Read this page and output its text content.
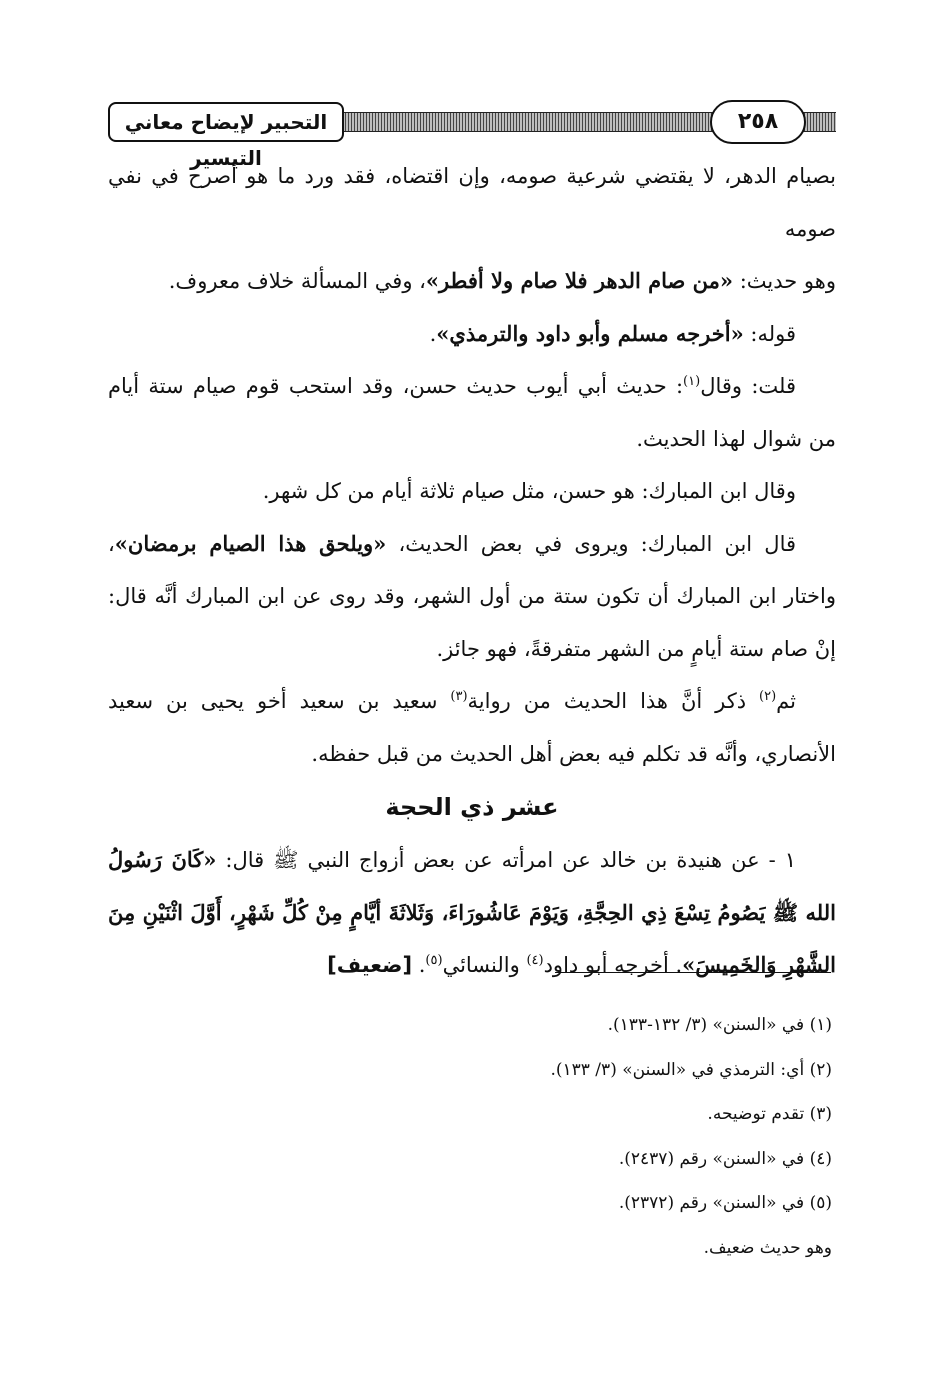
التحبير لإيضاح معاني التيسير
٢٥٨

بصيام الدهر، لا يقتضي شرعية صومه، وإن اقتضاه، فقد ورد ما هو أصرح في نفي صومه

وهو حديث: «من صام الدهر فلا صام ولا أفطر»، وفي المسألة خلاف معروف.

قوله: «أخرجه مسلم وأبو داود والترمذي».

قلت: وقال$^{(١)}$: حديث أبي أيوب حديث حسن، وقد استحب قوم صيام ستة أيام من شوال لهذا الحديث.

وقال ابن المبارك: هو حسن، مثل صيام ثلاثة أيام من كل شهر.

قال ابن المبارك: ويروى في بعض الحديث، «ويلحق هذا الصيام برمضان»، واختار ابن المبارك أن تكون ستة من أول الشهر، وقد روى عن ابن المبارك أنَّه قال: إنْ صام ستة أيامٍ من الشهر متفرقةً، فهو جائز.

ثم$^{(٢)}$ ذكر أنَّ هذا الحديث من رواية$^{(٣)}$ سعيد بن سعيد أخو يحيى بن سعيد الأنصاري، وأنَّه قد تكلم فيه بعض أهل الحديث من قبل حفظه.

عشر ذي الحجة

١ - عن هنيدة بن خالد عن امرأته عن بعض أزواج النبي ﷺ قال: «كَانَ رَسُولُ الله ﷺ يَصُومُ تِسْعَ ذِي الحِجَّةِ، وَيَوْمَ عَاشُورَاءَ، وَثَلاثَةَ أيَّامٍ مِنْ كُلِّ شَهْرٍ، أَوَّلَ اثْنَيْنِ مِنَ الشَّهْرِ وَالخَمِيسَ». أخرجه أبو داود$^{(٤)}$ والنسائي$^{(٥)}$. [ضعيف]

(١) في «السنن» (٣/ ١٣٢-١٣٣).

(٢) أي: الترمذي في «السنن» (٣/ ١٣٣).

(٣) تقدم توضيحه.

(٤) في «السنن» رقم (٢٤٣٧).

(٥) في «السنن» رقم (٢٣٧٢).

وهو حديث ضعيف.
